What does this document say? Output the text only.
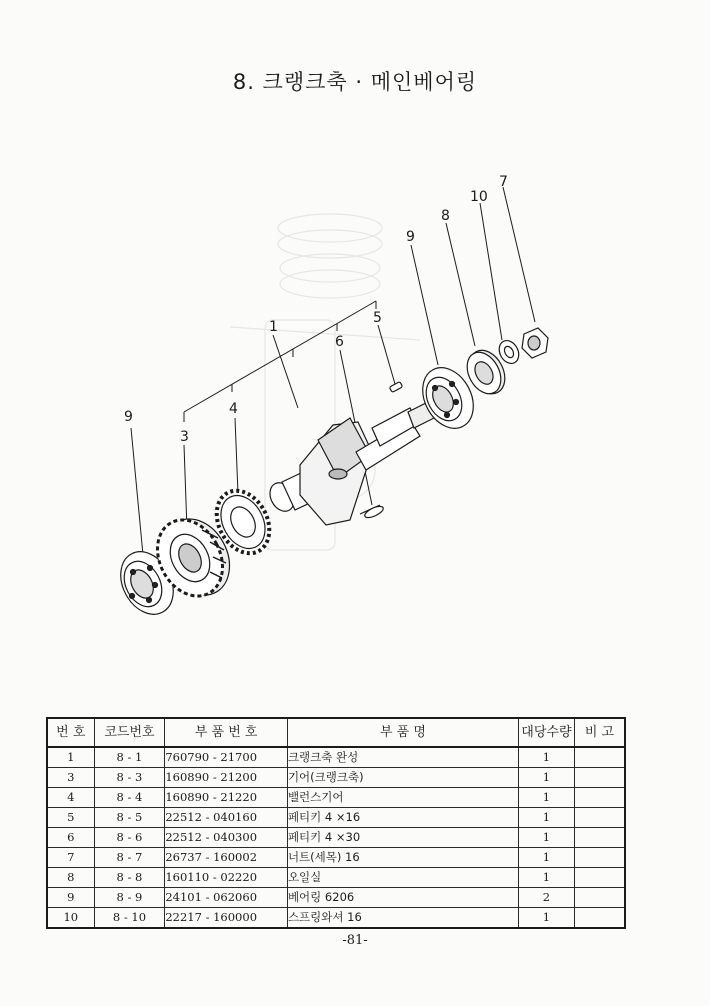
8. 크랭크축 · 메인베어링
9
3
4
1
6
5
9
8
10
7
번 호	코드번호	부 품 번 호	부 품 명	대당수량	비 고
1	8 - 1	760790 - 21700	크랭크축 완성	1	
3	8 - 3	160890 - 21200	기어(크랭크축)	1	
4	8 - 4	160890 - 21220	밸런스기어	1	
5	8 - 5	22512 - 040160	페티키 4 ×16	1	
6	8 - 6	22512 - 040300	페티키 4 ×30	1	
7	8 - 7	26737 - 160002	너트(세목) 16	1	
8	8 - 8	160110 - 02220	오일실	1	
9	8 - 9	24101 - 062060	베어링 6206	2	
10	8 - 10	22217 - 160000	스프링와셔 16	1	
-81-
